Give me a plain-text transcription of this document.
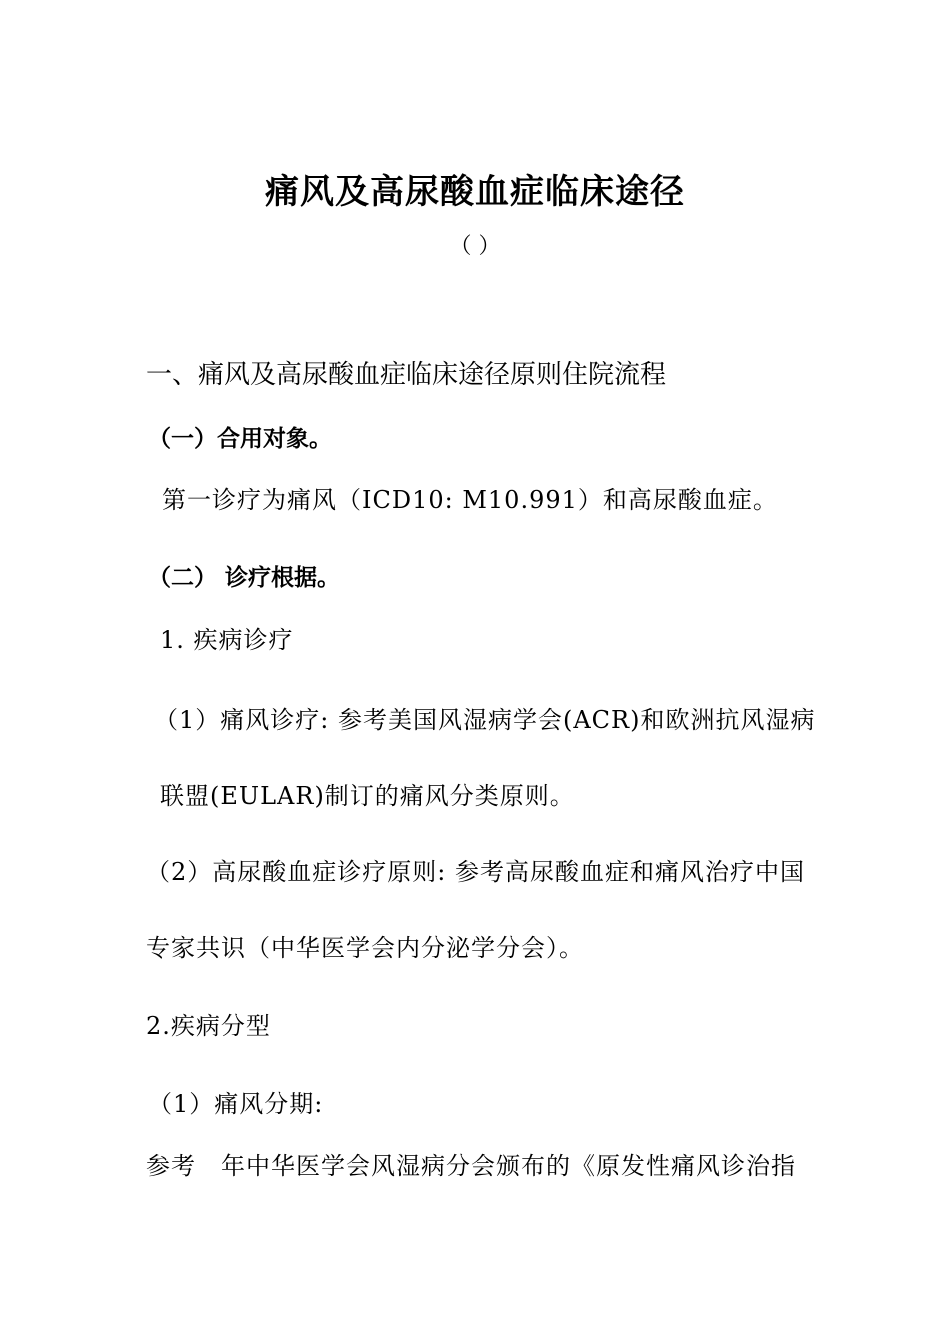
痛风及高尿酸血症临床途径
（ ）
一、痛风及高尿酸血症临床途径原则住院流程
（一）合用对象。
第一诊疗为痛风（ICD10: M10.991）和高尿酸血症。
（二） 诊疗根据。
1. 疾病诊疗
（1）痛风诊疗: 参考美国风湿病学会(ACR)和欧洲抗风湿病
联盟(EULAR)制订的痛风分类原则。
（2）高尿酸血症诊疗原则: 参考高尿酸血症和痛风治疗中国
专家共识（中华医学会内分泌学分会）。
2.疾病分型
（1）痛风分期:
参考　年中华医学会风湿病分会颁布的《原发性痛风诊治指
